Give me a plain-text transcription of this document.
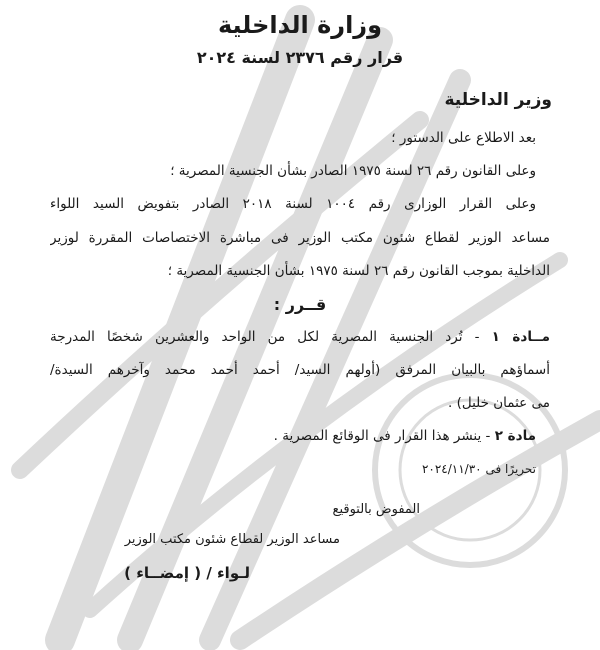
وزارة الداخلية
قرار رقم ٢٣٧٦ لسنة ٢٠٢٤
وزير الداخلية
بعد الاطلاع على الدستور ؛
وعلى القانون رقم ٢٦ لسنة ١٩٧٥ الصادر بشأن الجنسية المصرية ؛
وعلى القرار الوزارى رقم ١٠٠٤ لسنة ٢٠١٨ الصادر بتفويض السيد اللواء
مساعد الوزير لقطاع شئون مكتب الوزير فى مباشرة الاختصاصات المقررة لوزير
الداخلية بموجب القانون رقم ٢٦ لسنة ١٩٧٥ بشأن الجنسية المصرية ؛
قــرر :
مــادة ١ - تُرد الجنسية المصرية لكل من الواحد والعشرين شخصًا المدرجة
أسماؤهم بالبيان المرفق (أولهم السيد/ أحمد أحمد محمد وآخرهم السيدة/
مى عثمان خليل) .
مادة ٢ - ينشر هذا القرار فى الوقائع المصرية .
تحريرًا فى ٢٠٢٤/١١/٣٠
المفوض بالتوقيع
مساعد الوزير لقطاع شئون مكتب الوزير
لـواء / ( إمضــاء )
